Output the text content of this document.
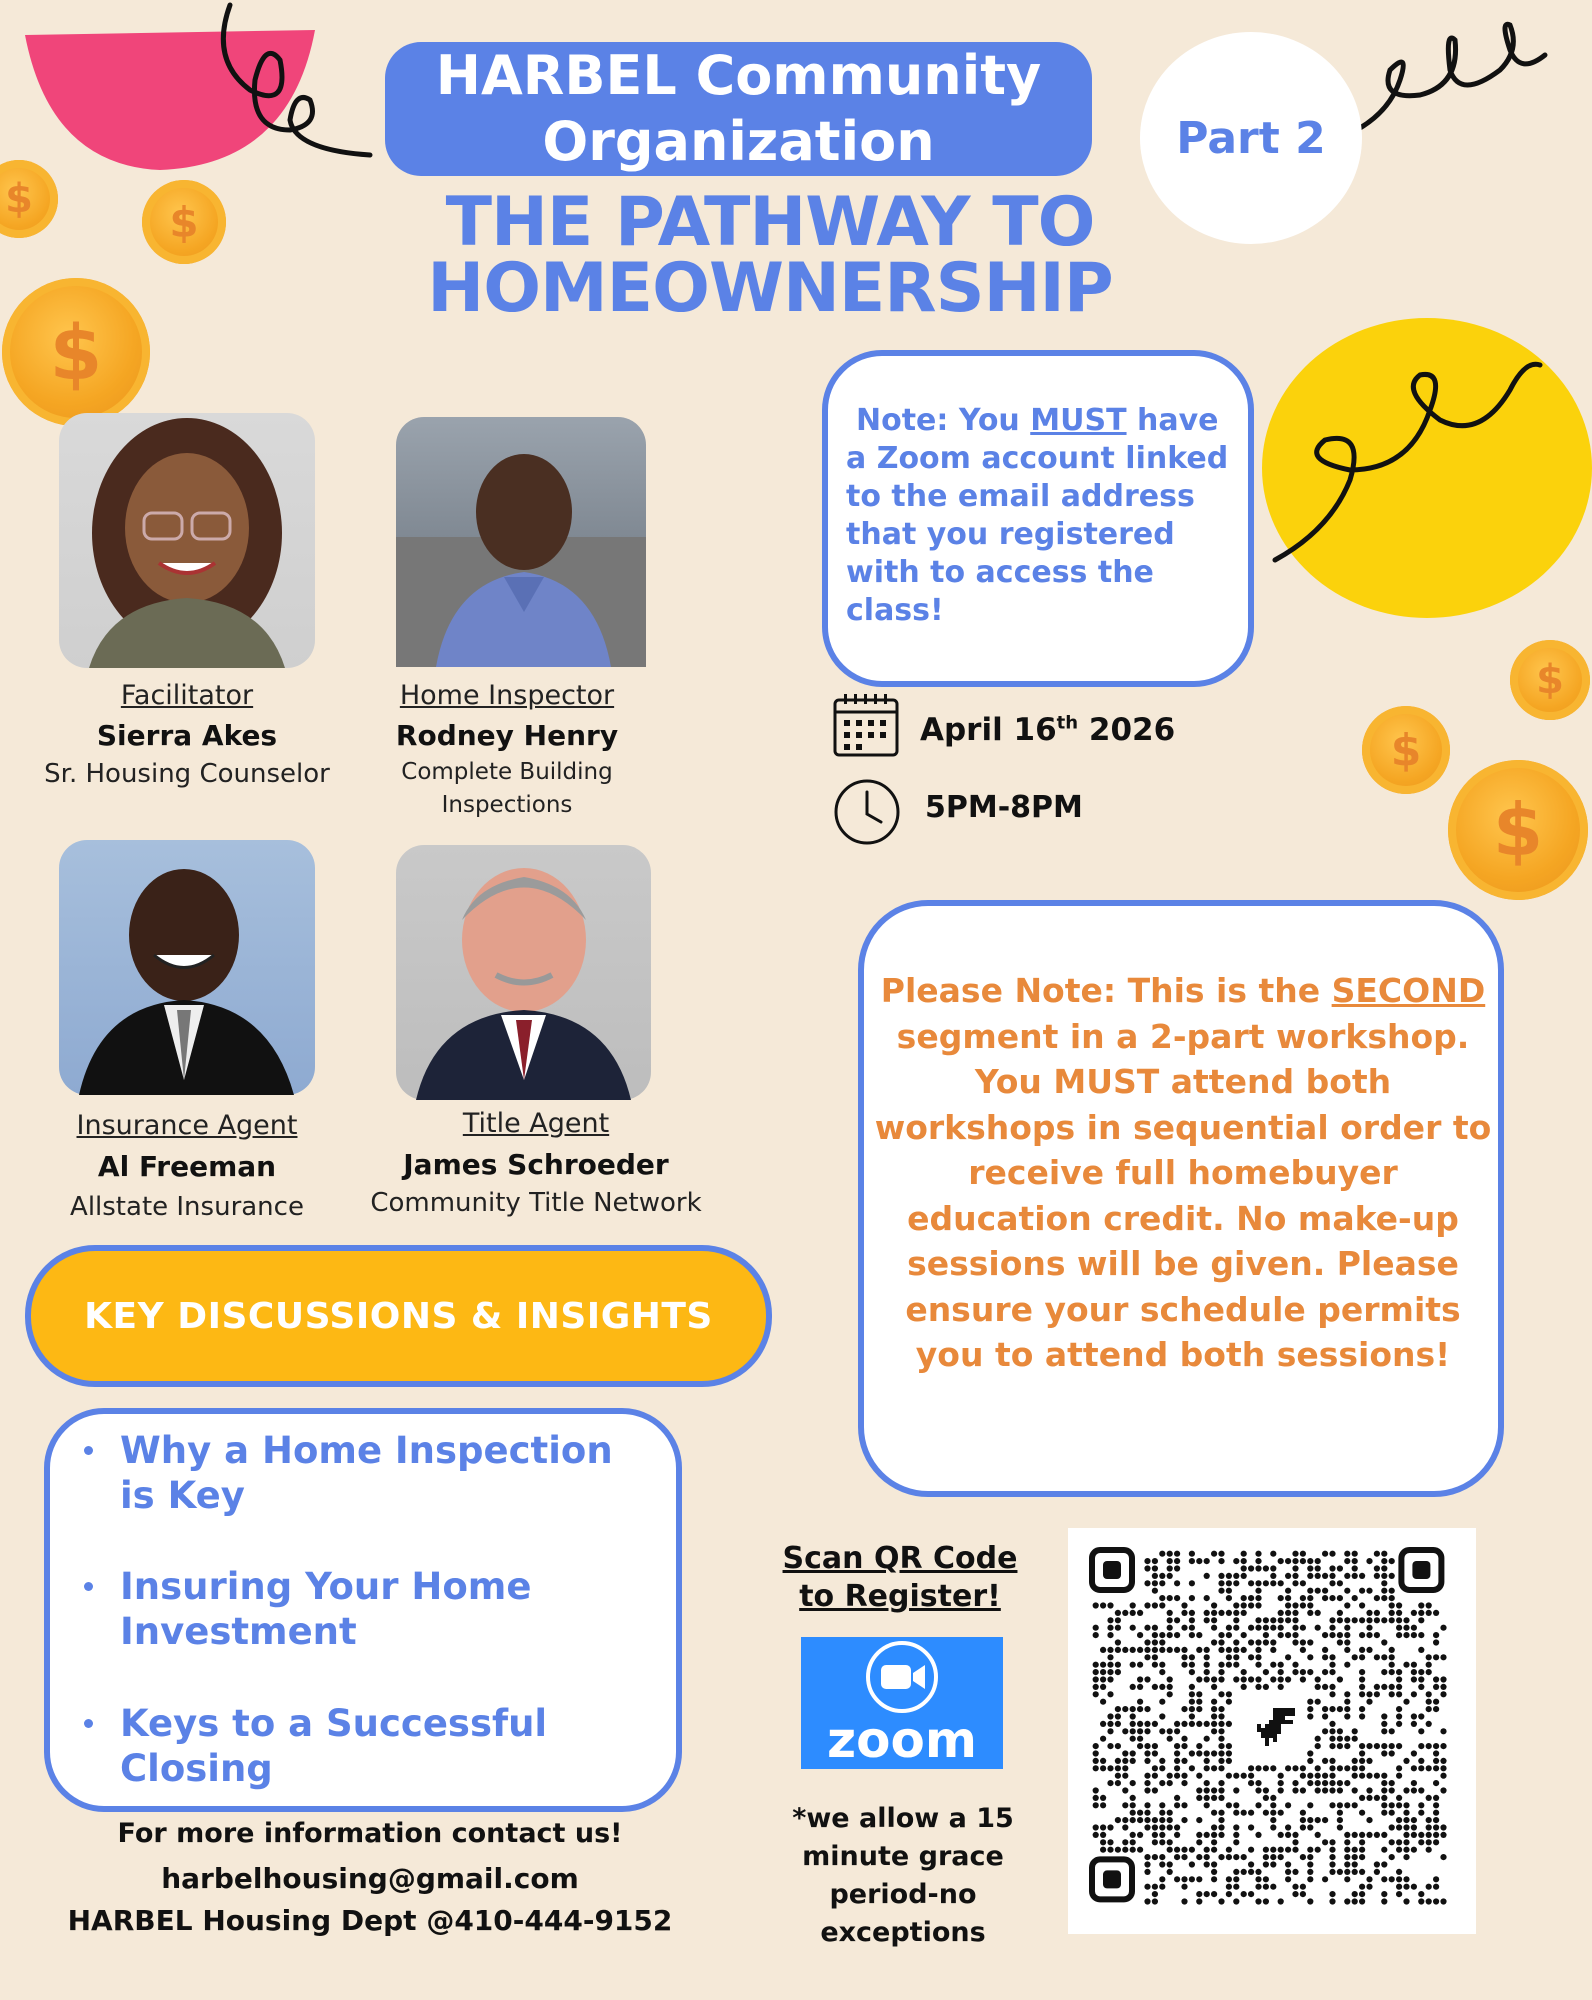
$	$
$
$
$
$
HARBEL Community
Organization
THE PATHWAY TO
HOMEOWNERSHIP
Part 2
Facilitator
Sierra Akes
Sr. Housing Counselor
Home Inspector
Rodney Henry
Complete Building
Inspections
Insurance Agent
Al Freeman
Allstate Insurance
Title Agent
James Schroeder
Community Title Network
Note: You MUST have a Zoom account linked to the email address that you registered with to access the class!
April 16th 2026
5PM-8PM
Please Note: This is the SECOND segment in a 2-part workshop. You MUST attend both workshops in sequential order to receive full homebuyer education credit. No make-up sessions will be given. Please ensure your schedule permits you to attend both sessions!
KEY DISCUSSIONS & INSIGHTS
Why a Home Inspection
is Key
Insuring Your Home
Investment
Keys to a Successful
Closing
For more information contact us!
harbelhousing@gmail.com
HARBEL Housing Dept @410-444-9152
Scan QR Code
to Register!
zoom
*we allow a 15
minute grace
period-no
exceptions
